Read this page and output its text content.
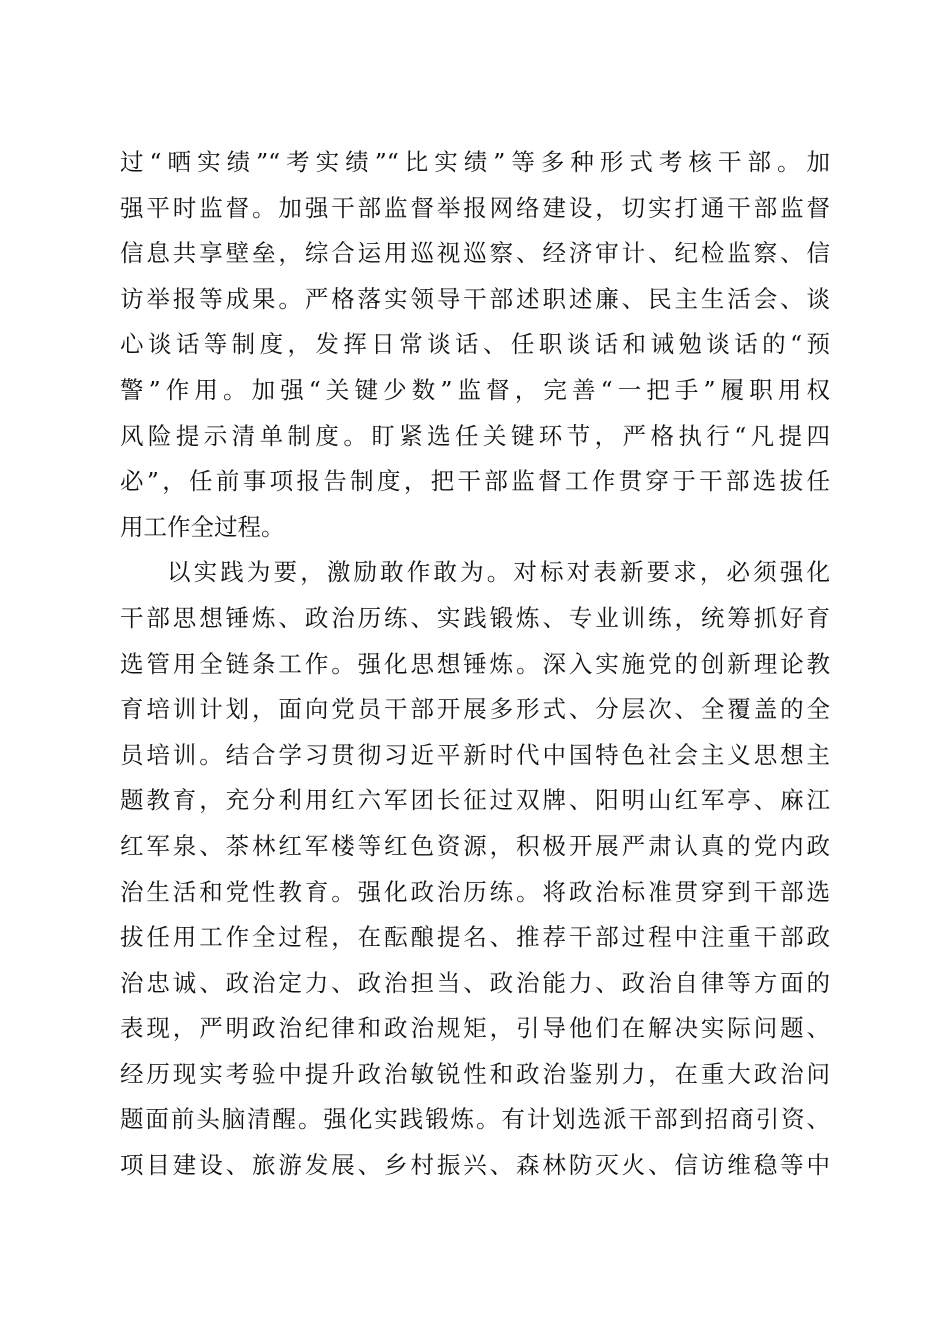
过“晒实绩”“考实绩”“比实绩”等多种形式考核干部。加
强平时监督。加强干部监督举报网络建设，切实打通干部监督
信息共享壁垒，综合运用巡视巡察、经济审计、纪检监察、信
访举报等成果。严格落实领导干部述职述廉、民主生活会、谈
心谈话等制度，发挥日常谈话、任职谈话和诫勉谈话的“预
警”作用。加强“关键少数”监督，完善“一把手”履职用权
风险提示清单制度。盯紧选任关键环节，严格执行“凡提四
必”，任前事项报告制度，把干部监督工作贯穿于干部选拔任
用工作全过程。
以实践为要，激励敢作敢为。对标对表新要求，必须强化
干部思想锤炼、政治历练、实践锻炼、专业训练，统筹抓好育
选管用全链条工作。强化思想锤炼。深入实施党的创新理论教
育培训计划，面向党员干部开展多形式、分层次、全覆盖的全
员培训。结合学习贯彻习近平新时代中国特色社会主义思想主
题教育，充分利用红六军团长征过双牌、阳明山红军亭、麻江
红军泉、茶林红军楼等红色资源，积极开展严肃认真的党内政
治生活和党性教育。强化政治历练。将政治标准贯穿到干部选
拔任用工作全过程，在酝酿提名、推荐干部过程中注重干部政
治忠诚、政治定力、政治担当、政治能力、政治自律等方面的
表现，严明政治纪律和政治规矩，引导他们在解决实际问题、
经历现实考验中提升政治敏锐性和政治鉴别力，在重大政治问
题面前头脑清醒。强化实践锻炼。有计划选派干部到招商引资、
项目建设、旅游发展、乡村振兴、森林防灭火、信访维稳等中
